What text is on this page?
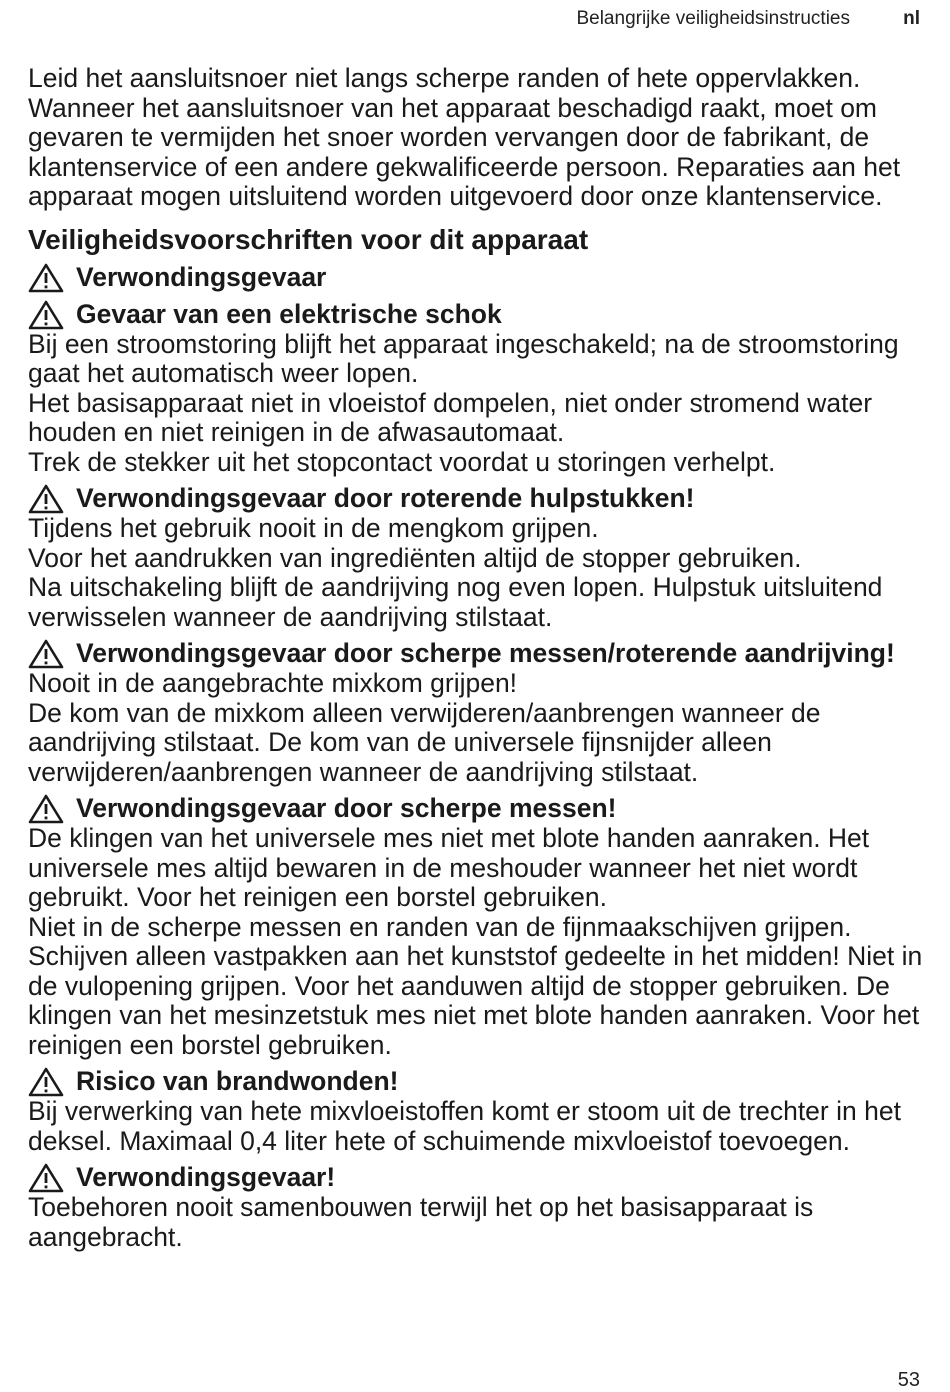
Belangrijke veiligheidsinstructies	nl

Leid het aansluitsnoer niet langs scherpe randen of hete oppervlakken. Wanneer het aansluitsnoer van het apparaat beschadigd raakt, moet om gevaren te vermijden het snoer worden vervangen door de fabrikant, de klantenservice of een andere gekwalificeerde persoon. Reparaties aan het apparaat mogen uitsluitend worden uitgevoerd door onze klantenservice.

Veiligheidsvoorschriften voor dit apparaat
Verwondingsgevaar
Gevaar van een elektrische schok

Bij een stroomstoring blijft het apparaat ingeschakeld; na de stroomstoring gaat het automatisch weer lopen.

Het basisapparaat niet in vloeistof dompelen, niet onder stromend water houden en niet reinigen in de afwasautomaat.

Trek de stekker uit het stopcontact voordat u storingen verhelpt.

Verwondingsgevaar door roterende hulpstukken!

Tijdens het gebruik nooit in de mengkom grijpen.

Voor het aandrukken van ingrediënten altijd de stopper gebruiken.

Na uitschakeling blijft de aandrijving nog even lopen. Hulpstuk uitsluitend verwisselen wanneer de aandrijving stilstaat.

Verwondingsgevaar door scherpe messen/roterende aandrijving!

Nooit in de aangebrachte mixkom grijpen!

De kom van de mixkom alleen verwijderen/aanbrengen wanneer de aandrijving stilstaat. De kom van de universele fijnsnijder alleen verwijderen/aanbrengen wanneer de aandrijving stilstaat.

Verwondingsgevaar door scherpe messen!

De klingen van het universele mes niet met blote handen aanraken. Het universele mes altijd bewaren in de meshouder wanneer het niet wordt gebruikt. Voor het reinigen een borstel gebruiken.

Niet in de scherpe messen en randen van de fijnmaakschijven grijpen. Schijven alleen vastpakken aan het kunststof gedeelte in het midden! Niet in de vulopening grijpen. Voor het aanduwen altijd de stopper gebruiken. De klingen van het mesinzetstuk mes niet met blote handen aanraken. Voor het reinigen een borstel gebruiken.

Risico van brandwonden!

Bij verwerking van hete mixvloeistoffen komt er stoom uit de trechter in het deksel. Maximaal 0,4 liter hete of schuimende mixvloeistof toevoegen.

Verwondingsgevaar!

Toebehoren nooit samenbouwen terwijl het op het basisapparaat is aangebracht.

53
